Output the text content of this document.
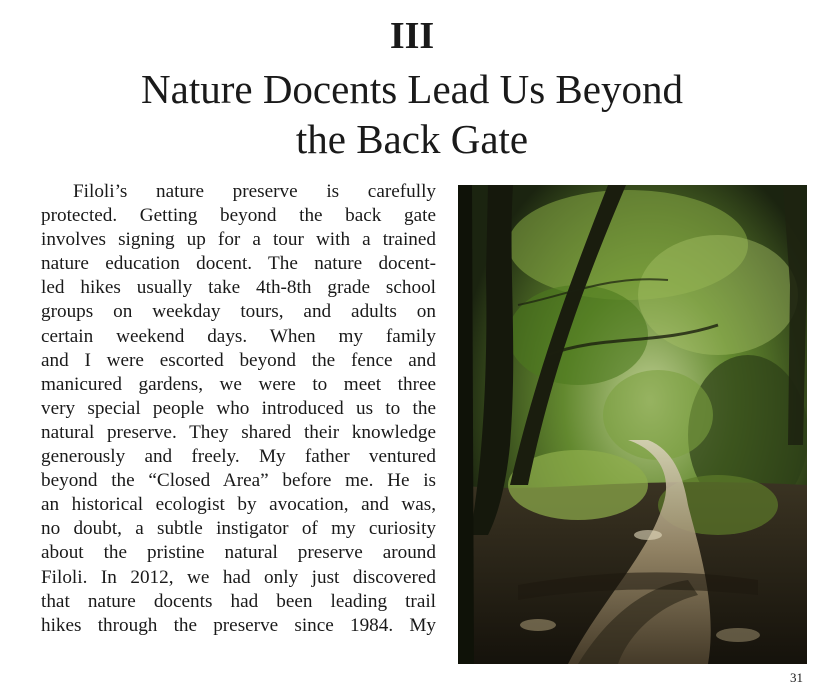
III
Nature Docents Lead Us Beyond
the Back Gate
Filoli’s nature preserve is carefully
protected. Getting beyond the back gate
involves signing up for a tour with a trained
nature education docent. The nature docent-
led hikes usually take 4th-8th grade school
groups on weekday tours, and adults on
certain weekend days. When my family
and I were escorted beyond the fence and
manicured gardens, we were to meet three
very special people who introduced us to the
natural preserve. They shared their knowledge
generously and freely. My father ventured
beyond the “Closed Area” before me. He is
an historical ecologist by avocation, and was,
no doubt, a subtle instigator of my curiosity
about the pristine natural preserve around
Filoli. In 2012, we had only just discovered
that nature docents had been leading trail
hikes through the preserve since 1984. My
31
